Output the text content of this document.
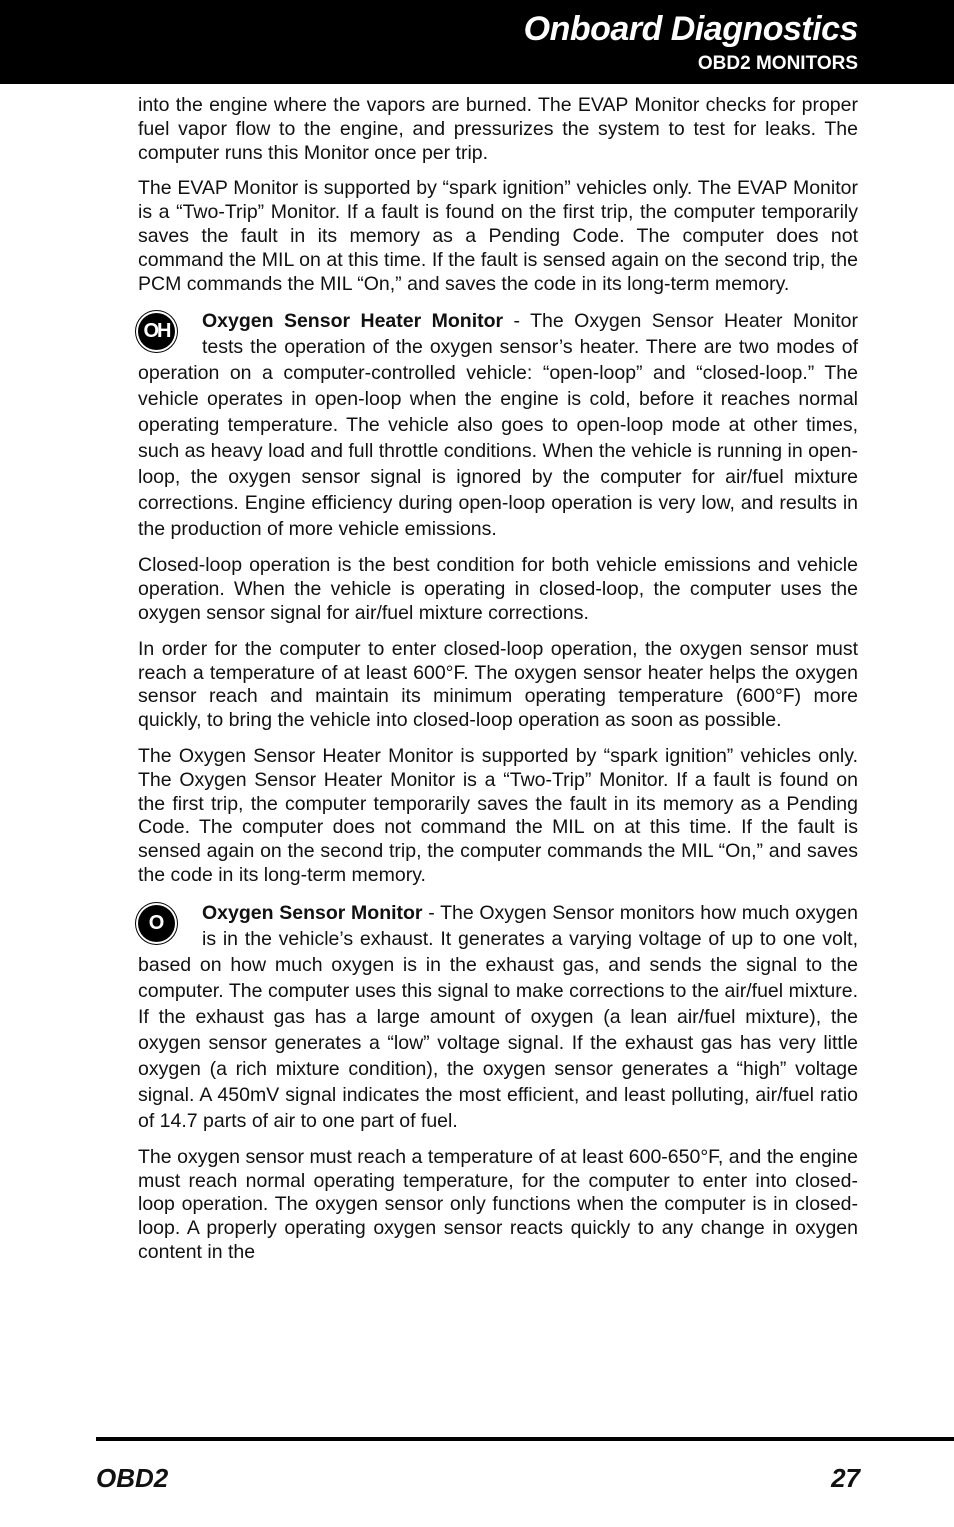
Onboard Diagnostics
OBD2 MONITORS

into the engine where the vapors are burned. The EVAP Monitor checks for proper fuel vapor flow to the engine, and pressurizes the system to test for leaks. The computer runs this Monitor once per trip.

The EVAP Monitor is supported by “spark ignition” vehicles only. The EVAP Monitor is a “Two-Trip” Monitor. If a fault is found on the first trip, the computer temporarily saves the fault in its memory as a Pending Code. The computer does not command the MIL on at this time. If the fault is sensed again on the second trip, the PCM commands the MIL “On,” and saves the code in its long-term memory.

OH Oxygen Sensor Heater Monitor - The Oxygen Sensor Heater Monitor tests the operation of the oxygen sensor’s heater. There are two modes of operation on a computer-controlled vehicle: “open-loop” and “closed-loop.” The vehicle operates in open-loop when the engine is cold, before it reaches normal operating temperature. The vehicle also goes to open-loop mode at other times, such as heavy load and full throttle conditions. When the vehicle is running in open-loop, the oxygen sensor signal is ignored by the computer for air/fuel mixture corrections. Engine efficiency during open-loop operation is very low, and results in the production of more vehicle emissions.

Closed-loop operation is the best condition for both vehicle emissions and vehicle operation. When the vehicle is operating in closed-loop, the computer uses the oxygen sensor signal for air/fuel mixture corrections.

In order for the computer to enter closed-loop operation, the oxygen sensor must reach a temperature of at least 600°F. The oxygen sensor heater helps the oxygen sensor reach and maintain its minimum operating temperature (600°F) more quickly, to bring the vehicle into closed-loop operation as soon as possible.

The Oxygen Sensor Heater Monitor is supported by “spark ignition” vehicles only. The Oxygen Sensor Heater Monitor is a “Two-Trip” Monitor. If a fault is found on the first trip, the computer temporarily saves the fault in its memory as a Pending Code. The computer does not command the MIL on at this time. If the fault is sensed again on the second trip, the computer commands the MIL “On,” and saves the code in its long-term memory.

O	Oxygen Sensor Monitor - The Oxygen Sensor monitors how much oxygen is in the vehicle’s exhaust. It generates a varying voltage of up to one volt, based on how much oxygen is in the exhaust gas, and sends the signal to the computer. The computer uses this signal to make corrections to the air/fuel mixture. If the exhaust gas has a large amount of oxygen (a lean air/fuel mixture), the oxygen sensor generates a “low” voltage signal. If the exhaust gas has very little oxygen (a rich mixture condition), the oxygen sensor generates a “high” voltage signal. A 450mV signal indicates the most efficient, and least polluting, air/fuel ratio of 14.7 parts of air to one part of fuel.

The oxygen sensor must reach a temperature of at least 600-650°F, and the engine must reach normal operating temperature, for the computer to enter into closed-loop operation. The oxygen sensor only functions when the computer is in closed-loop. A properly operating oxygen sensor reacts quickly to any change in oxygen content in the

OBD2	27
